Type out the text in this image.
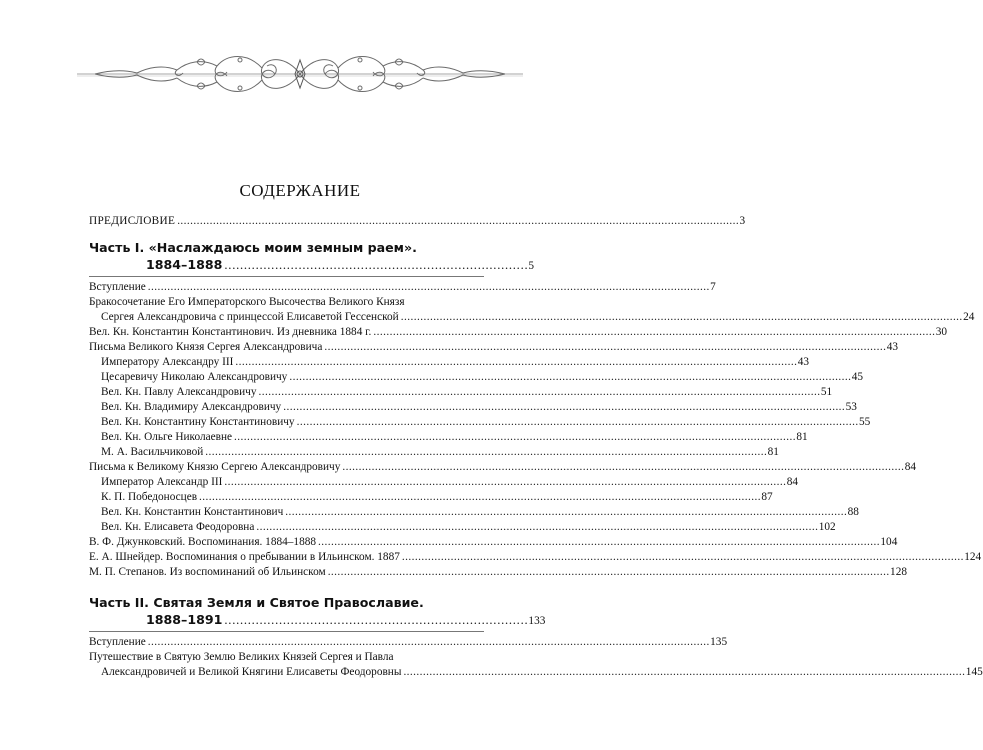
СОДЕРЖАНИЕ
ПРЕДИСЛОВИЕ . . .	3
Часть I. «Наслаждаюсь моим земным раем».
1884–1888 . . .	5
Вступление . . .	7
Бракосочетание Его Императорского Высочества Великого Князя
Сергея Александровича с принцессой Елисаветой Гессенской . . .	24
Вел. Кн. Константин Константинович. Из дневника 1884 г. . . .	30
Письма Великого Князя Сергея Александровича . . .	43
Императору Александру III . . .	43
Цесаревичу Николаю Александровичу . . .	45
Вел. Кн. Павлу Александровичу . . .	51
Вел. Кн. Владимиру Александровичу . . .	53
Вел. Кн. Константину Константиновичу . . .	55
Вел. Кн. Ольге Николаевне . . .	81
М. А. Васильчиковой . . .	81
Письма к Великому Князю Сергею Александровичу . . .	84
Император Александр III . . .	84
К. П. Победоносцев . . .	87
Вел. Кн. Константин Константинович . . .	88
Вел. Кн. Елисавета Феодоровна . . .	102
В. Ф. Джунковский. Воспоминания. 1884–1888 . . .	104
Е. А. Шнейдер. Воспоминания о пребывании в Ильинском. 1887 . . .	124
М. П. Степанов. Из воспоминаний об Ильинском . . .	128
Часть II. Святая Земля и Святое Православие.
1888–1891 . . .	133
Вступление . . .	135
Путешествие в Святую Землю Великих Князей Сергея и Павла
Александровичей и Великой Княгини Елисаветы Феодоровны . . .	145
